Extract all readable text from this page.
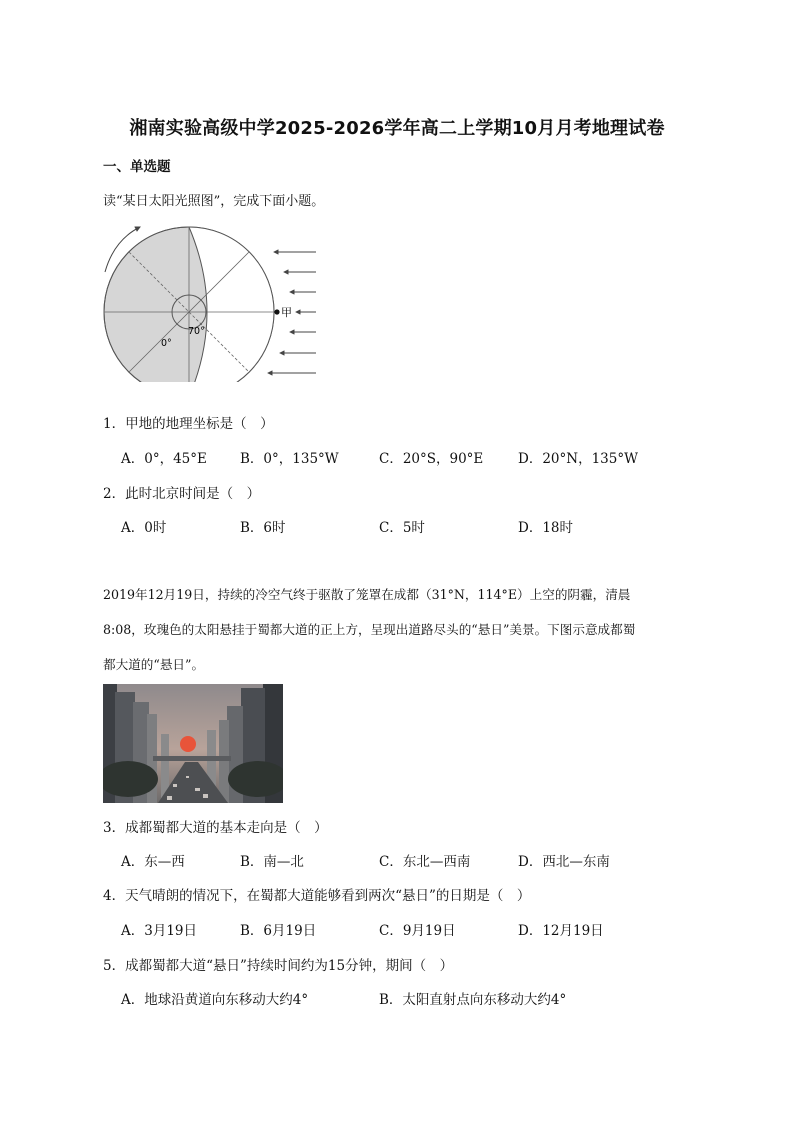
湘南实验高级中学2025-2026学年高二上学期10月月考地理试卷
一、单选题
读“某日太阳光照图”，完成下面小题。
甲
70°
0°
1．甲地的地理坐标是（　）
A．0°，45°E B．0°，135°W	C．20°S，90°E	D．20°N，135°W
2．此时北京时间是（　）
A．0时	B．6时	C．5时	D．18时
2019年12月19日，持续的冷空气终于驱散了笼罩在成都（31°N，114°E）上空的阴霾，清晨
8:08，玫瑰色的太阳悬挂于蜀都大道的正上方，呈现出道路尽头的“悬日”美景。下图示意成都蜀
都大道的“悬日”。
3．成都蜀都大道的基本走向是（　）
A．东—西	B．南—北	C．东北—西南	D．西北—东南
4．天气晴朗的情况下，在蜀都大道能够看到两次“悬日”的日期是（　）
A．3月19日	B．6月19日	C．9月19日	D．12月19日
5．成都蜀都大道“悬日”持续时间约为15分钟，期间（　）
A．地球沿黄道向东移动大约4°	B．太阳直射点向东移动大约4°
